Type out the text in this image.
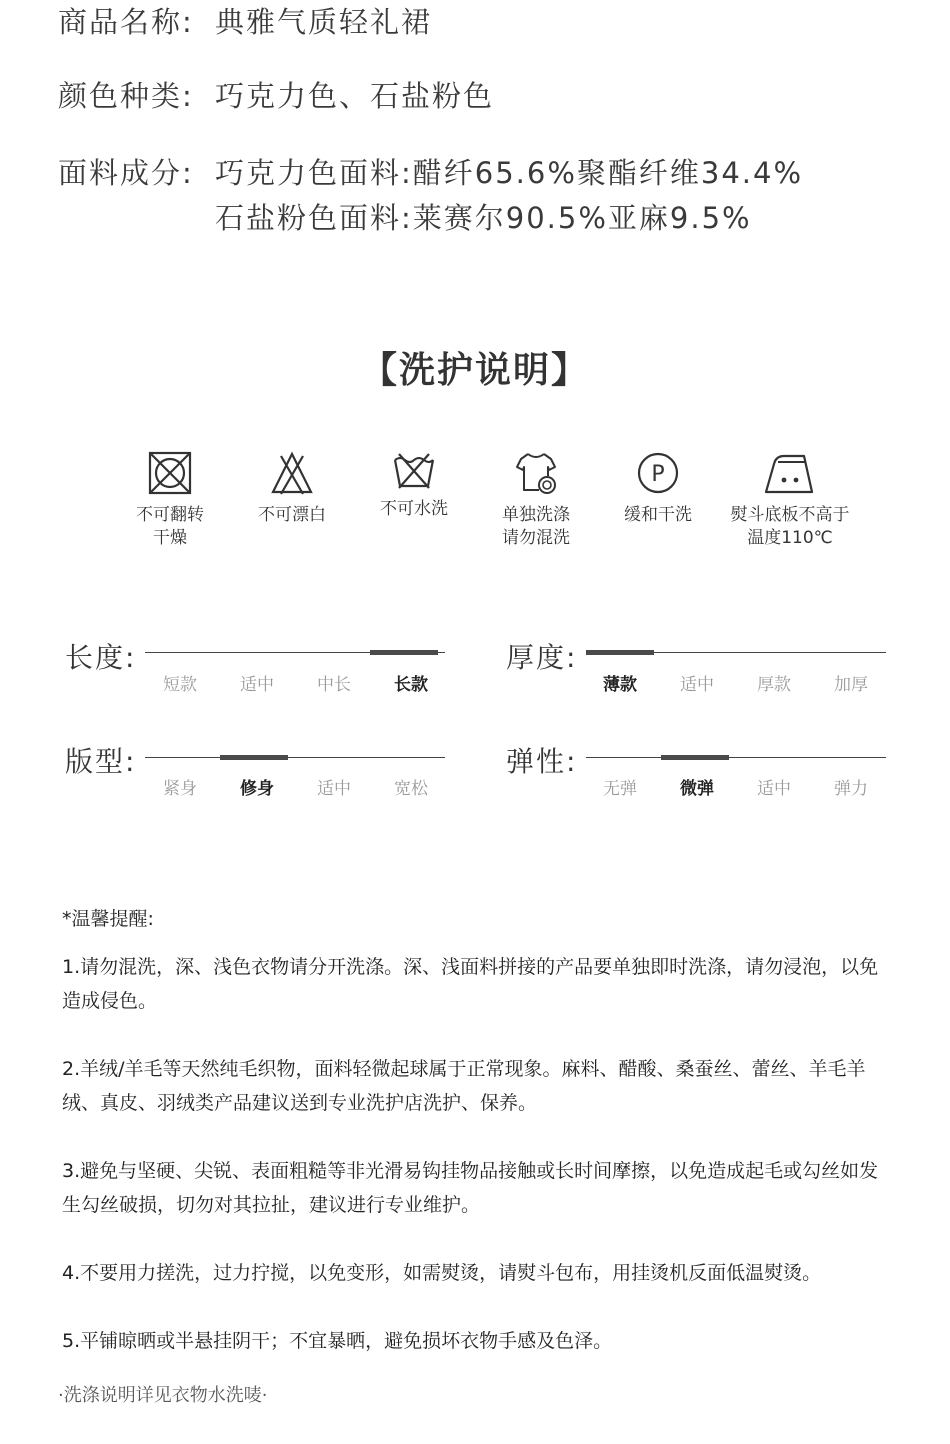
商品名称: 典雅气质轻礼裙
颜色种类: 巧克力色、石盐粉色
面料成分: 巧克力色面料:醋纤65.6%聚酯纤维34.4%
石盐粉色面料:莱赛尔90.5%亚麻9.5%
【洗护说明】
不可翻转
干燥
不可漂白	不可水洗	单独洗涤
请勿混洗
P
缓和干洗	熨斗底板不高于
温度110℃
长度:
短款	适中	中长	长款
厚度:
薄款	适中	厚款	加厚
版型:
紧身	修身	适中	宽松
弹性:
无弹	微弹	适中	弹力
*温馨提醒:
1.请勿混洗，深、浅色衣物请分开洗涤。深、浅面料拼接的产品要单独即时洗涤，请勿浸泡，以免造成侵色。
2.羊绒/羊毛等天然纯毛织物，面料轻微起球属于正常现象。麻料、醋酸、桑蚕丝、蕾丝、羊毛羊绒、真皮、羽绒类产品建议送到专业洗护店洗护、保养。
3.避免与坚硬、尖锐、表面粗糙等非光滑易钩挂物品接触或长时间摩擦，以免造成起毛或勾丝如发生勾丝破损，切勿对其拉扯，建议进行专业维护。
4.不要用力搓洗，过力拧搅，以免变形，如需熨烫，请熨斗包布，用挂烫机反面低温熨烫。
5.平铺晾晒或半悬挂阴干；不宜暴晒，避免损坏衣物手感及色泽。
·洗涤说明详见衣物水洗唛·
